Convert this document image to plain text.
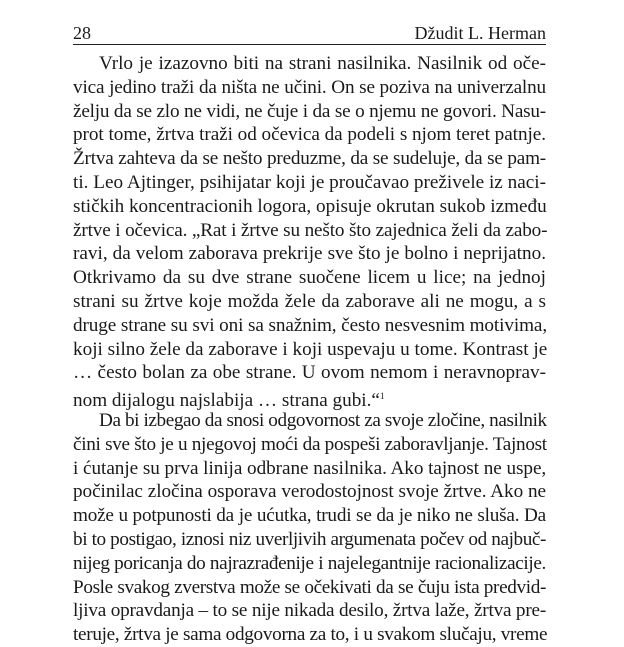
28	Džudit L. Herman
Vrlo je izazovno biti na strani nasilnika. Nasilnik od oče-
vica jedino traži da ništa ne učini. On se poziva na univerzalnu
želju da se zlo ne vidi, ne čuje i da se o njemu ne govori. Nasu-
prot tome, žrtva traži od očevica da podeli s njom teret patnje.
Žrtva zahteva da se nešto preduzme, da se sudeluje, da se pam-
ti. Leo Ajtinger, psihijatar koji je proučavao preživele iz naci-
stičkih koncentracionih logora, opisuje okrutan sukob između
žrtve i očevica. „Rat i žrtve su nešto što zajednica želi da zabo-
ravi, da velom zaborava prekrije sve što je bolno i neprijatno.
Otkrivamo da su dve strane suočene licem u lice; na jednoj
strani su žrtve koje možda žele da zaborave ali ne mogu, a s
druge strane su svi oni sa snažnim, često nesvesnim motivima,
koji silno žele da zaborave i koji uspevaju u tome. Kontrast je
… često bolan za obe strane. U ovom nemom i neravnoprav-
nom dijalogu najslabija … strana gubi.“$^1$
Da bi izbegao da snosi odgovornost za svoje zločine, nasilnik
čini sve što je u njegovoj moći da pospeši zaboravljanje. Tajnost
i ćutanje su prva linija odbrane nasilnika. Ako tajnost ne uspe,
počinilac zločina osporava verodostojnost svoje žrtve. Ako ne
može u potpunosti da je ućutka, trudi se da je niko ne sluša. Da
bi to postigao, iznosi niz uverljivih argumenata počev od najbuč-
nijeg poricanja do najrazrađenije i najelegantnije racionalizacije.
Posle svakog zverstva može se očekivati da se čuju ista predvid-
ljiva opravdanja – to se nije nikada desilo, žrtva laže, žrtva pre-
teruje, žrtva je sama odgovorna za to, i u svakom slučaju, vreme
